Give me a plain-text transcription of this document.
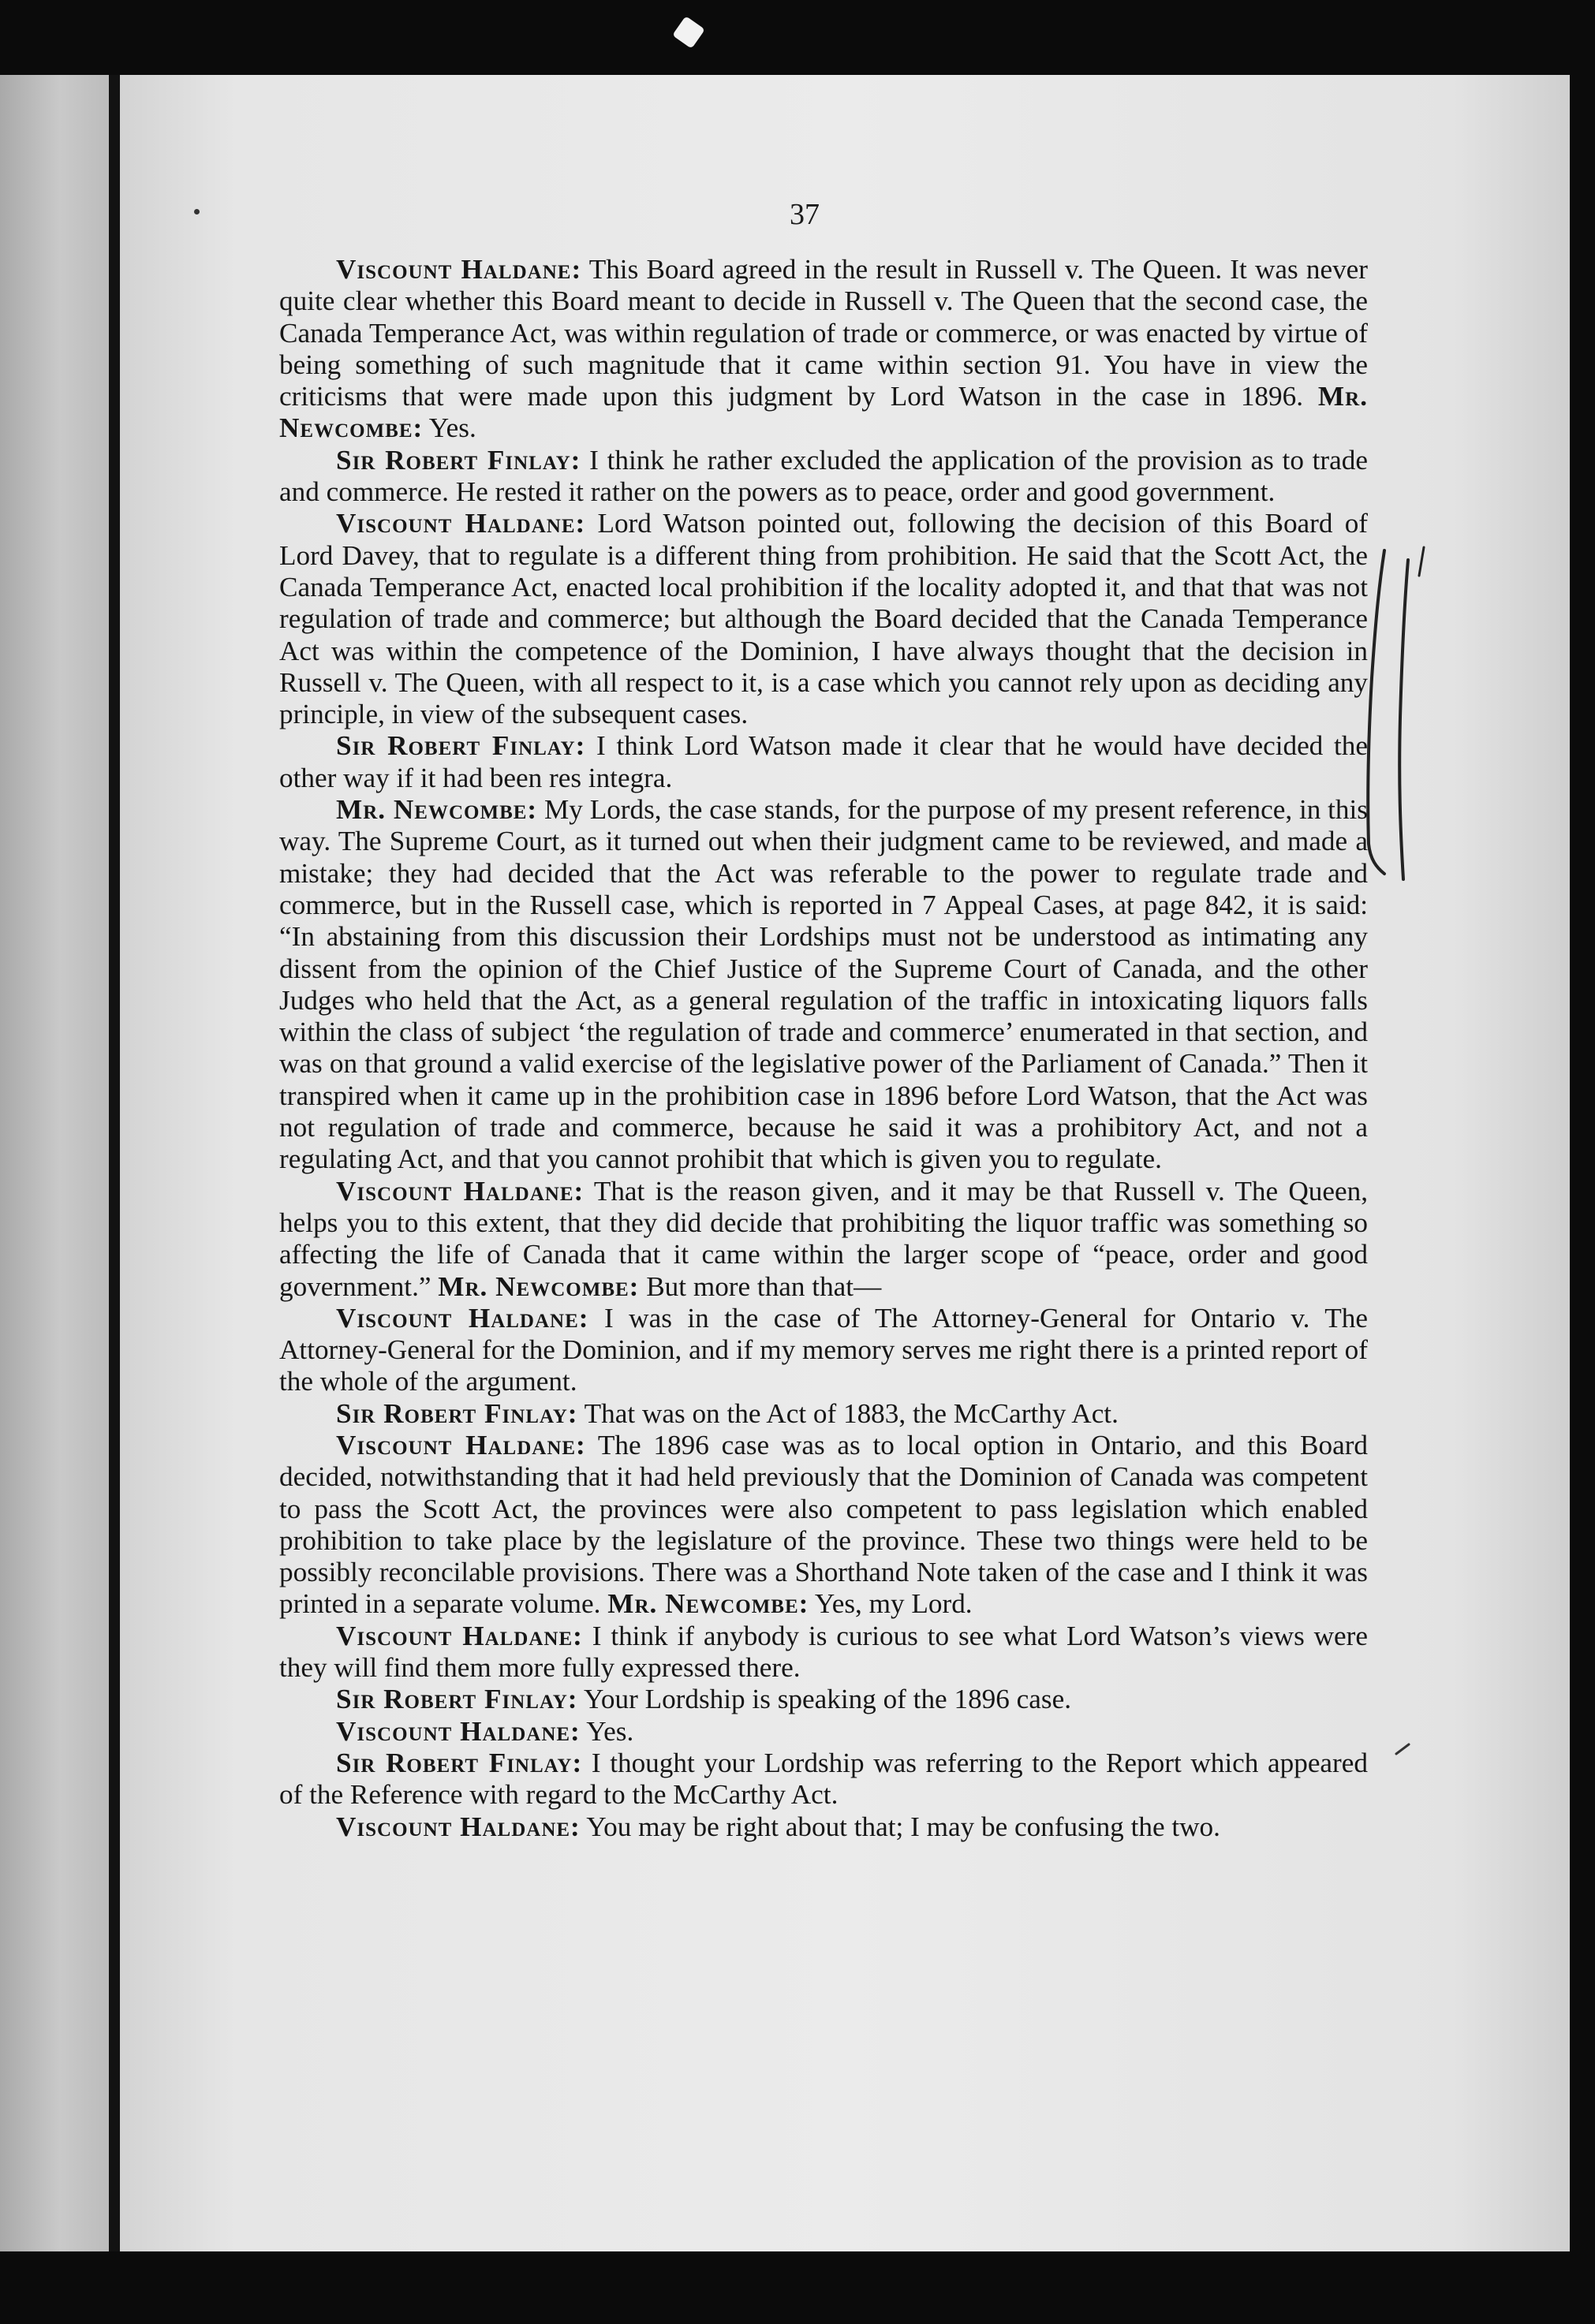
37

Viscount Haldane: This Board agreed in the result in Russell v. The Queen. It was never quite clear whether this Board meant to decide in Russell v. The Queen that the second case, the Canada Temperance Act, was within regulation of trade or commerce, or was enacted by virtue of being something of such magnitude that it came within section 91. You have in view the criticisms that were made upon this judgment by Lord Watson in the case in 1896. Mr. Newcombe: Yes.

Sir Robert Finlay: I think he rather excluded the application of the provision as to trade and commerce. He rested it rather on the powers as to peace, order and good government.

Viscount Haldane: Lord Watson pointed out, following the decision of this Board of Lord Davey, that to regulate is a different thing from prohibition. He said that the Scott Act, the Canada Temperance Act, enacted local prohibition if the locality adopted it, and that that was not regulation of trade and commerce; but although the Board decided that the Canada Temperance Act was within the competence of the Dominion, I have always thought that the decision in Russell v. The Queen, with all respect to it, is a case which you cannot rely upon as deciding any principle, in view of the subsequent cases.

Sir Robert Finlay: I think Lord Watson made it clear that he would have decided the other way if it had been res integra.

Mr. Newcombe: My Lords, the case stands, for the purpose of my present reference, in this way. The Supreme Court, as it turned out when their judgment came to be reviewed, and made a mistake; they had decided that the Act was referable to the power to regulate trade and commerce, but in the Russell case, which is reported in 7 Appeal Cases, at page 842, it is said: “In abstaining from this discussion their Lordships must not be understood as intimating any dissent from the opinion of the Chief Justice of the Supreme Court of Canada, and the other Judges who held that the Act, as a general regulation of the traffic in intoxicating liquors falls within the class of subject ‘the regulation of trade and commerce’ enumerated in that section, and was on that ground a valid exercise of the legislative power of the Parliament of Canada.” Then it transpired when it came up in the prohibition case in 1896 before Lord Watson, that the Act was not regulation of trade and commerce, because he said it was a prohibitory Act, and not a regulating Act, and that you cannot prohibit that which is given you to regulate.

Viscount Haldane: That is the reason given, and it may be that Russell v. The Queen, helps you to this extent, that they did decide that prohibiting the liquor traffic was something so affecting the life of Canada that it came within the larger scope of “peace, order and good government.” Mr. Newcombe: But more than that—

Viscount Haldane: I was in the case of The Attorney-General for Ontario v. The Attorney-General for the Dominion, and if my memory serves me right there is a printed report of the whole of the argument.

Sir Robert Finlay: That was on the Act of 1883, the McCarthy Act.

Viscount Haldane: The 1896 case was as to local option in Ontario, and this Board decided, notwithstanding that it had held previously that the Dominion of Canada was competent to pass the Scott Act, the provinces were also competent to pass legislation which enabled prohibition to take place by the legislature of the province. These two things were held to be possibly reconcilable provisions. There was a Shorthand Note taken of the case and I think it was printed in a separate volume. Mr. Newcombe: Yes, my Lord.

Viscount Haldane: I think if anybody is curious to see what Lord Watson’s views were they will find them more fully expressed there.

Sir Robert Finlay: Your Lordship is speaking of the 1896 case.

Viscount Haldane: Yes.

Sir Robert Finlay: I thought your Lordship was referring to the Report which appeared of the Reference with regard to the McCarthy Act.

Viscount Haldane: You may be right about that; I may be confusing the two.
